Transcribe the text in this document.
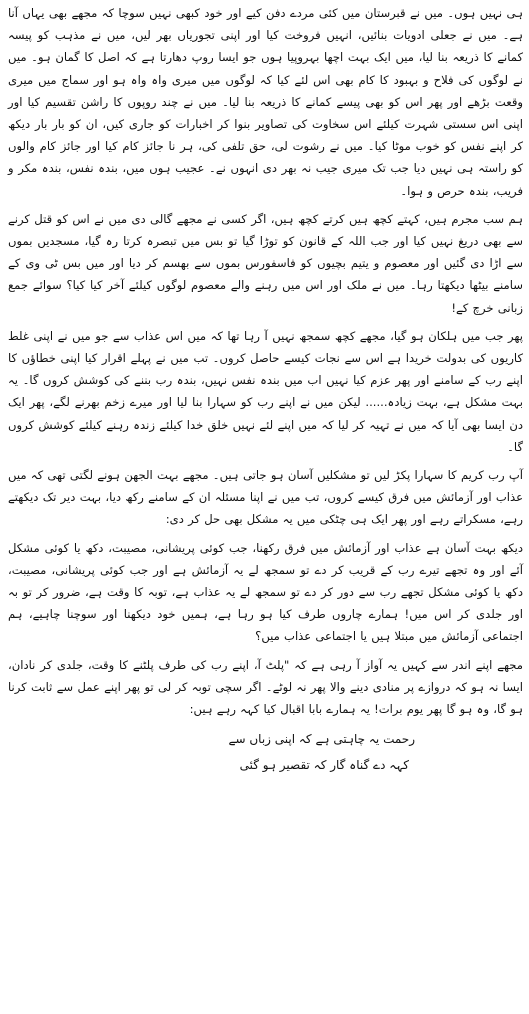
ہی نہیں ہوں۔ میں نے قبرستان میں کئی مردے دفن کیے اور خود کبھی نہیں سوچا کہ مجھے بھی یہاں آنا ہے۔ میں نے جعلی ادویات بنائیں، انہیں فروخت کیا اور اپنی تجوریاں بھر لیں، میں نے مذہب کو پیسہ کمانے کا ذریعہ بنا لیا، میں ایک بہت اچھا بہروپیا ہوں جو ایسا روپ دھارتا ہے کہ اصل کا گمان ہو۔ میں نے لوگوں کی فلاح و بہبود کا کام بھی اس لئے کیا کہ لوگوں میں میری واہ واہ ہو اور سماج میں میری وقعت بڑھے اور پھر اس کو بھی پیسے کمانے کا ذریعہ بنا لیا۔ میں نے چند روپوں کا راشن تقسیم کیا اور اپنی اس سستی شہرت کیلئے اس سخاوت کی تصاویر بنوا کر اخبارات کو جاری کیں، ان کو بار بار دیکھ کر اپنے نفس کو خوب موٹا کیا۔ میں نے رشوت لی، حق تلفی کی، ہر نا جائز کام کیا اور جائز کام والوں کو راستہ ہی نہیں دیا جب تک میری جیب نہ بھر دی انہوں نے۔ عجیب ہوں میں، بندہ نفس، بندہ مکر و فریب، بندہ حرص و ہوا۔

ہم سب مجرم ہیں، کہتے کچھ ہیں کرتے کچھ ہیں، اگر کسی نے مجھے گالی دی میں نے اس کو قتل کرنے سے بھی دریغ نہیں کیا اور جب اللہ کے قانون کو توڑا گیا تو بس میں تبصرہ کرتا رہ گیا، مسجدیں بموں سے اڑا دی گئیں اور معصوم و یتیم بچیوں کو فاسفورس بموں سے بھسم کر دیا اور میں بس ٹی وی کے سامنے بیٹھا دیکھتا رہا۔ میں نے ملک اور اس میں رہنے والے معصوم لوگوں کیلئے آخر کیا کیا؟ سوائے جمع زبانی خرچ کے!

پھر جب میں ہلکان ہو گیا، مجھے کچھ سمجھ نہیں آ رہا تھا کہ میں اس عذاب سے جو میں نے اپنی غلط کاریوں کی بدولت خریدا ہے اس سے نجات کیسے حاصل کروں۔ تب میں نے پہلے اقرار کیا اپنی خطاؤں کا اپنے رب کے سامنے اور پھر عزم کیا نہیں اب میں بندہ نفس نہیں، بندہ رب بننے کی کوشش کروں گا۔ یہ بہت مشکل ہے، بہت زیادہ...... لیکن میں نے اپنے رب کو سہارا بنا لیا اور میرے زخم بھرنے لگے، پھر ایک دن ایسا بھی آیا کہ میں نے تہیہ کر لیا کہ میں اپنے لئے نہیں خلق خدا کیلئے زندہ رہنے کیلئے کوشش کروں گا۔

آپ رب کریم کا سہارا پکڑ لیں تو مشکلیں آسان ہو جاتی ہیں۔ مجھے بہت الجھن ہونے لگتی تھی کہ میں عذاب اور آزمائش میں فرق کیسے کروں، تب میں نے اپنا مسئلہ ان کے سامنے رکھ دیا، بہت دیر تک دیکھتے رہے، مسکراتے رہے اور پھر ایک ہی چٹکی میں یہ مشکل بھی حل کر دی:

دیکھ بہت آسان ہے عذاب اور آزمائش میں فرق رکھنا، جب کوئی پریشانی، مصیبت، دکھ یا کوئی مشکل آئے اور وہ تجھے تیرے رب کے قریب کر دے تو سمجھ لے یہ آزمائش ہے اور جب کوئی پریشانی، مصیبت، دکھ یا کوئی مشکل تجھے رب سے دور کر دے تو سمجھ لے یہ عذاب ہے، توبہ کا وقت ہے، ضرور کر تو بہ اور جلدی کر اس میں! ہمارے چاروں طرف کیا ہو رہا ہے، ہمیں خود دیکھنا اور سوچنا چاہیے، ہم اجتماعی آزمائش میں مبتلا ہیں یا اجتماعی عذاب میں؟

مجھے اپنے اندر سے کہیں یہ آواز آ رہی ہے کہ "پلٹ آ، اپنے رب کی طرف پلٹنے کا وقت، جلدی کر نادان، ایسا نہ ہو کہ دروازے پر منادی دینے والا پھر نہ لوٹے۔ اگر سچی توبہ کر لی تو پھر اپنے عمل سے ثابت کرنا ہو گا، وہ ہو گا پھر یوم برات! یہ ہمارے بابا اقبال کیا کہہ رہے ہیں:

رحمت یہ چاہتی ہے کہ اپنی زباں سے
کہہ دے گناہ گار کہ تقصیر ہو گئی
